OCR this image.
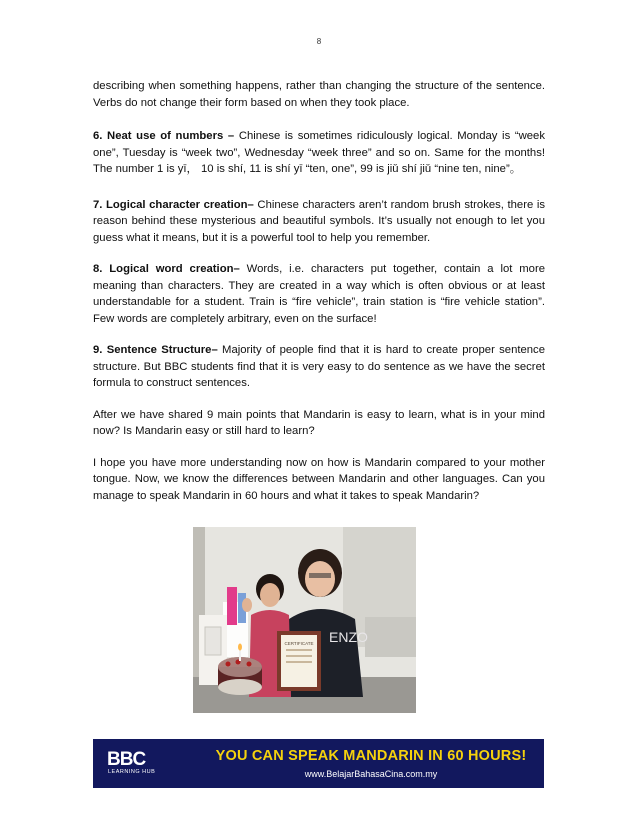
8

describing when something happens, rather than changing the structure of the sentence. Verbs do not change their form based on when they took place.

6. Neat use of numbers – Chinese is sometimes ridiculously logical. Monday is “week one”, Tuesday is “week two”, Wednesday “week three” and so on. Same for the months! The number 1 is yī， 10 is shí, 11 is shí yī “ten, one”, 99 is jiǔ shí jiǔ “nine ten, nine”。

7. Logical character creation– Chinese characters aren’t random brush strokes, there is reason behind these mysterious and beautiful symbols. It’s usually not enough to let you guess what it means, but it is a powerful tool to help you remember.

8. Logical word creation– Words, i.e. characters put together, contain a lot more meaning than characters. They are created in a way which is often obvious or at least understandable for a student. Train is “fire vehicle”, train station is “fire vehicle station”. Few words are completely arbitrary, even on the surface!

9. Sentence Structure– Majority of people find that it is hard to create proper sentence structure. But BBC students find that it is very easy to do sentence as we have the secret formula to construct sentences.

After we have shared 9 main points that Mandarin is easy to learn, what is in your mind now? Is Mandarin easy or still hard to learn?

I hope you have more understanding now on how is Mandarin compared to your mother tongue. Now, we know the differences between Mandarin and other languages. Can you manage to speak Mandarin in 60 hours and what it takes to speak Mandarin?

ENZO
CERTIFICATE
BBC
LEARNING HUB
YOU CAN SPEAK MANDARIN IN 60 HOURS!
www.BelajarBahasaCina.com.my
